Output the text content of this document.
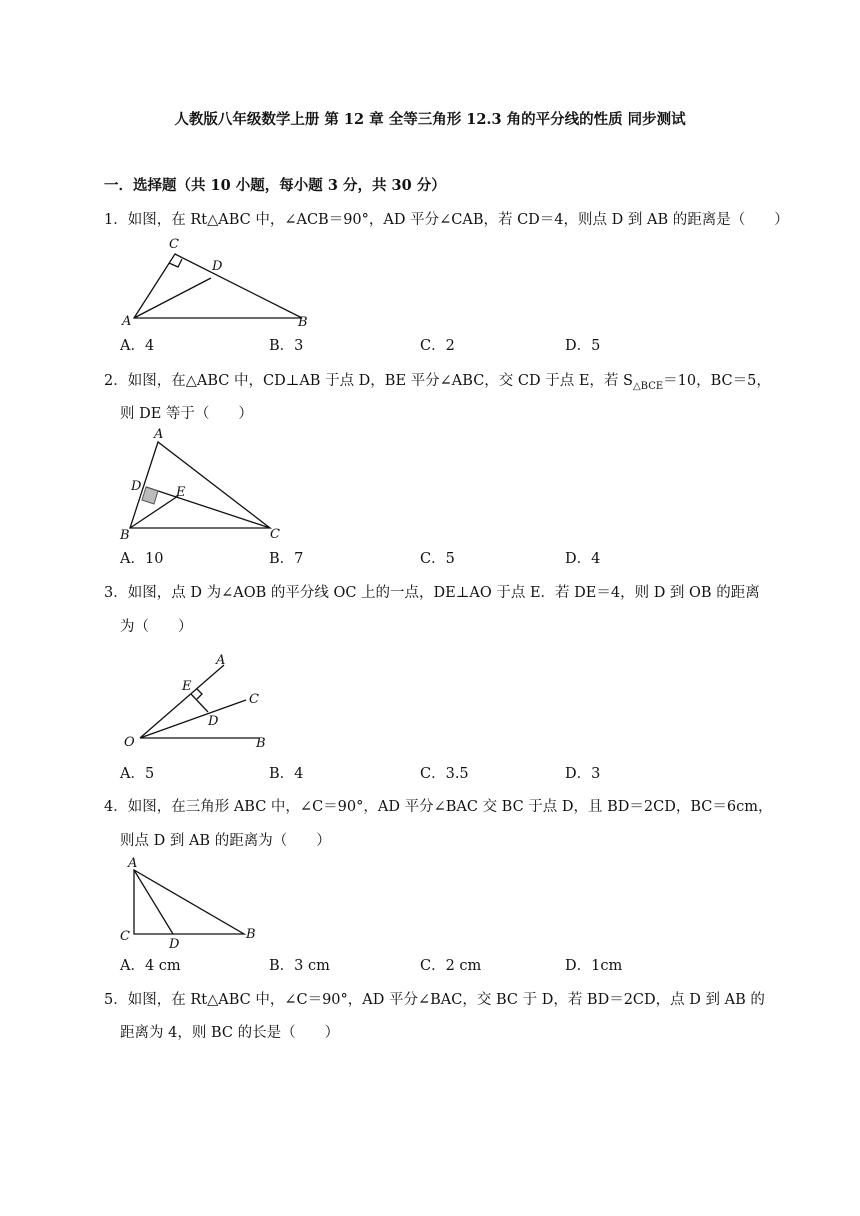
人教版八年级数学上册 第 12 章 全等三角形 12.3 角的平分线的性质 同步测试
一．选择题（共 10 小题，每小题 3 分，共 30 分）
1．如图，在 Rt△ABC 中，∠ACB＝90°，AD 平分∠CAB，若 CD＝4，则点 D 到 AB 的距离是（　　）
C
D
A	B
A．4	B．3	C．2	D．5
2．如图，在△ABC 中，CD⊥AB 于点 D，BE 平分∠ABC，交 CD 于点 E，若 $S_{\triangle BCE}=10$，BC＝5，
则 DE 等于（　　）
A
D	E
B	C
A．10	B．7	C．5	D．4
3．如图，点 D 为∠AOB 的平分线 OC 上的一点，DE⊥AO 于点 E．若 DE＝4，则 D 到 OB 的距离
为（　　）
A
E
C
D
O	B
A．5	B．4	C．3.5	D．3
4．如图，在三角形 ABC 中，∠C＝90°，AD 平分∠BAC 交 BC 于点 D，且 BD＝2CD，BC＝6cm，
则点 D 到 AB 的距离为（　　）
A
C
D
B
A．4 cm	B．3 cm	C．2 cm	D．1cm
5．如图，在 Rt△ABC 中，∠C＝90°，AD 平分∠BAC，交 BC 于 D，若 BD＝2CD，点 D 到 AB 的
距离为 4，则 BC 的长是（　　）
